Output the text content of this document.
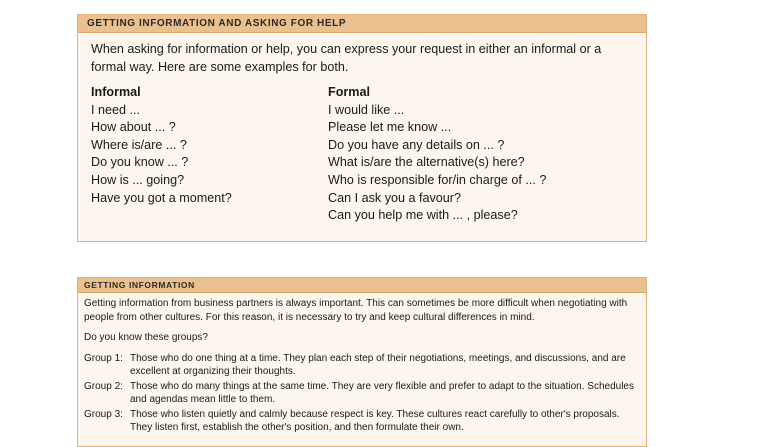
GETTING INFORMATION AND ASKING FOR HELP

When asking for information or help, you can express your request in either an informal or a formal way. Here are some examples for both.

Informal
I need ...
How about ... ?
Where is/are ... ?
Do you know ... ?
How is ... going?
Have you got a moment?
Formal
I would like ...
Please let me know ...
Do you have any details on ... ?
What is/are the alternative(s) here?
Who is responsible for/in charge of ... ?
Can I ask you a favour?
Can you help me with ... , please?
GETTING INFORMATION

Getting information from business partners is always important. This can sometimes be more difficult when negotiating with people from other cultures. For this reason, it is necessary to try and keep cultural differences in mind.

Do you know these groups?

Group 1: Those who do one thing at a time. They plan each step of their negotiations, meetings, and discussions, and are excellent at organizing their thoughts.
Group 2: Those who do many things at the same time. They are very flexible and prefer to adapt to the situation. Schedules and agendas mean little to them.
Group 3: Those who listen quietly and calmly because respect is key. These cultures react carefully to other's proposals. They listen first, establish the other's position, and then formulate their own.
